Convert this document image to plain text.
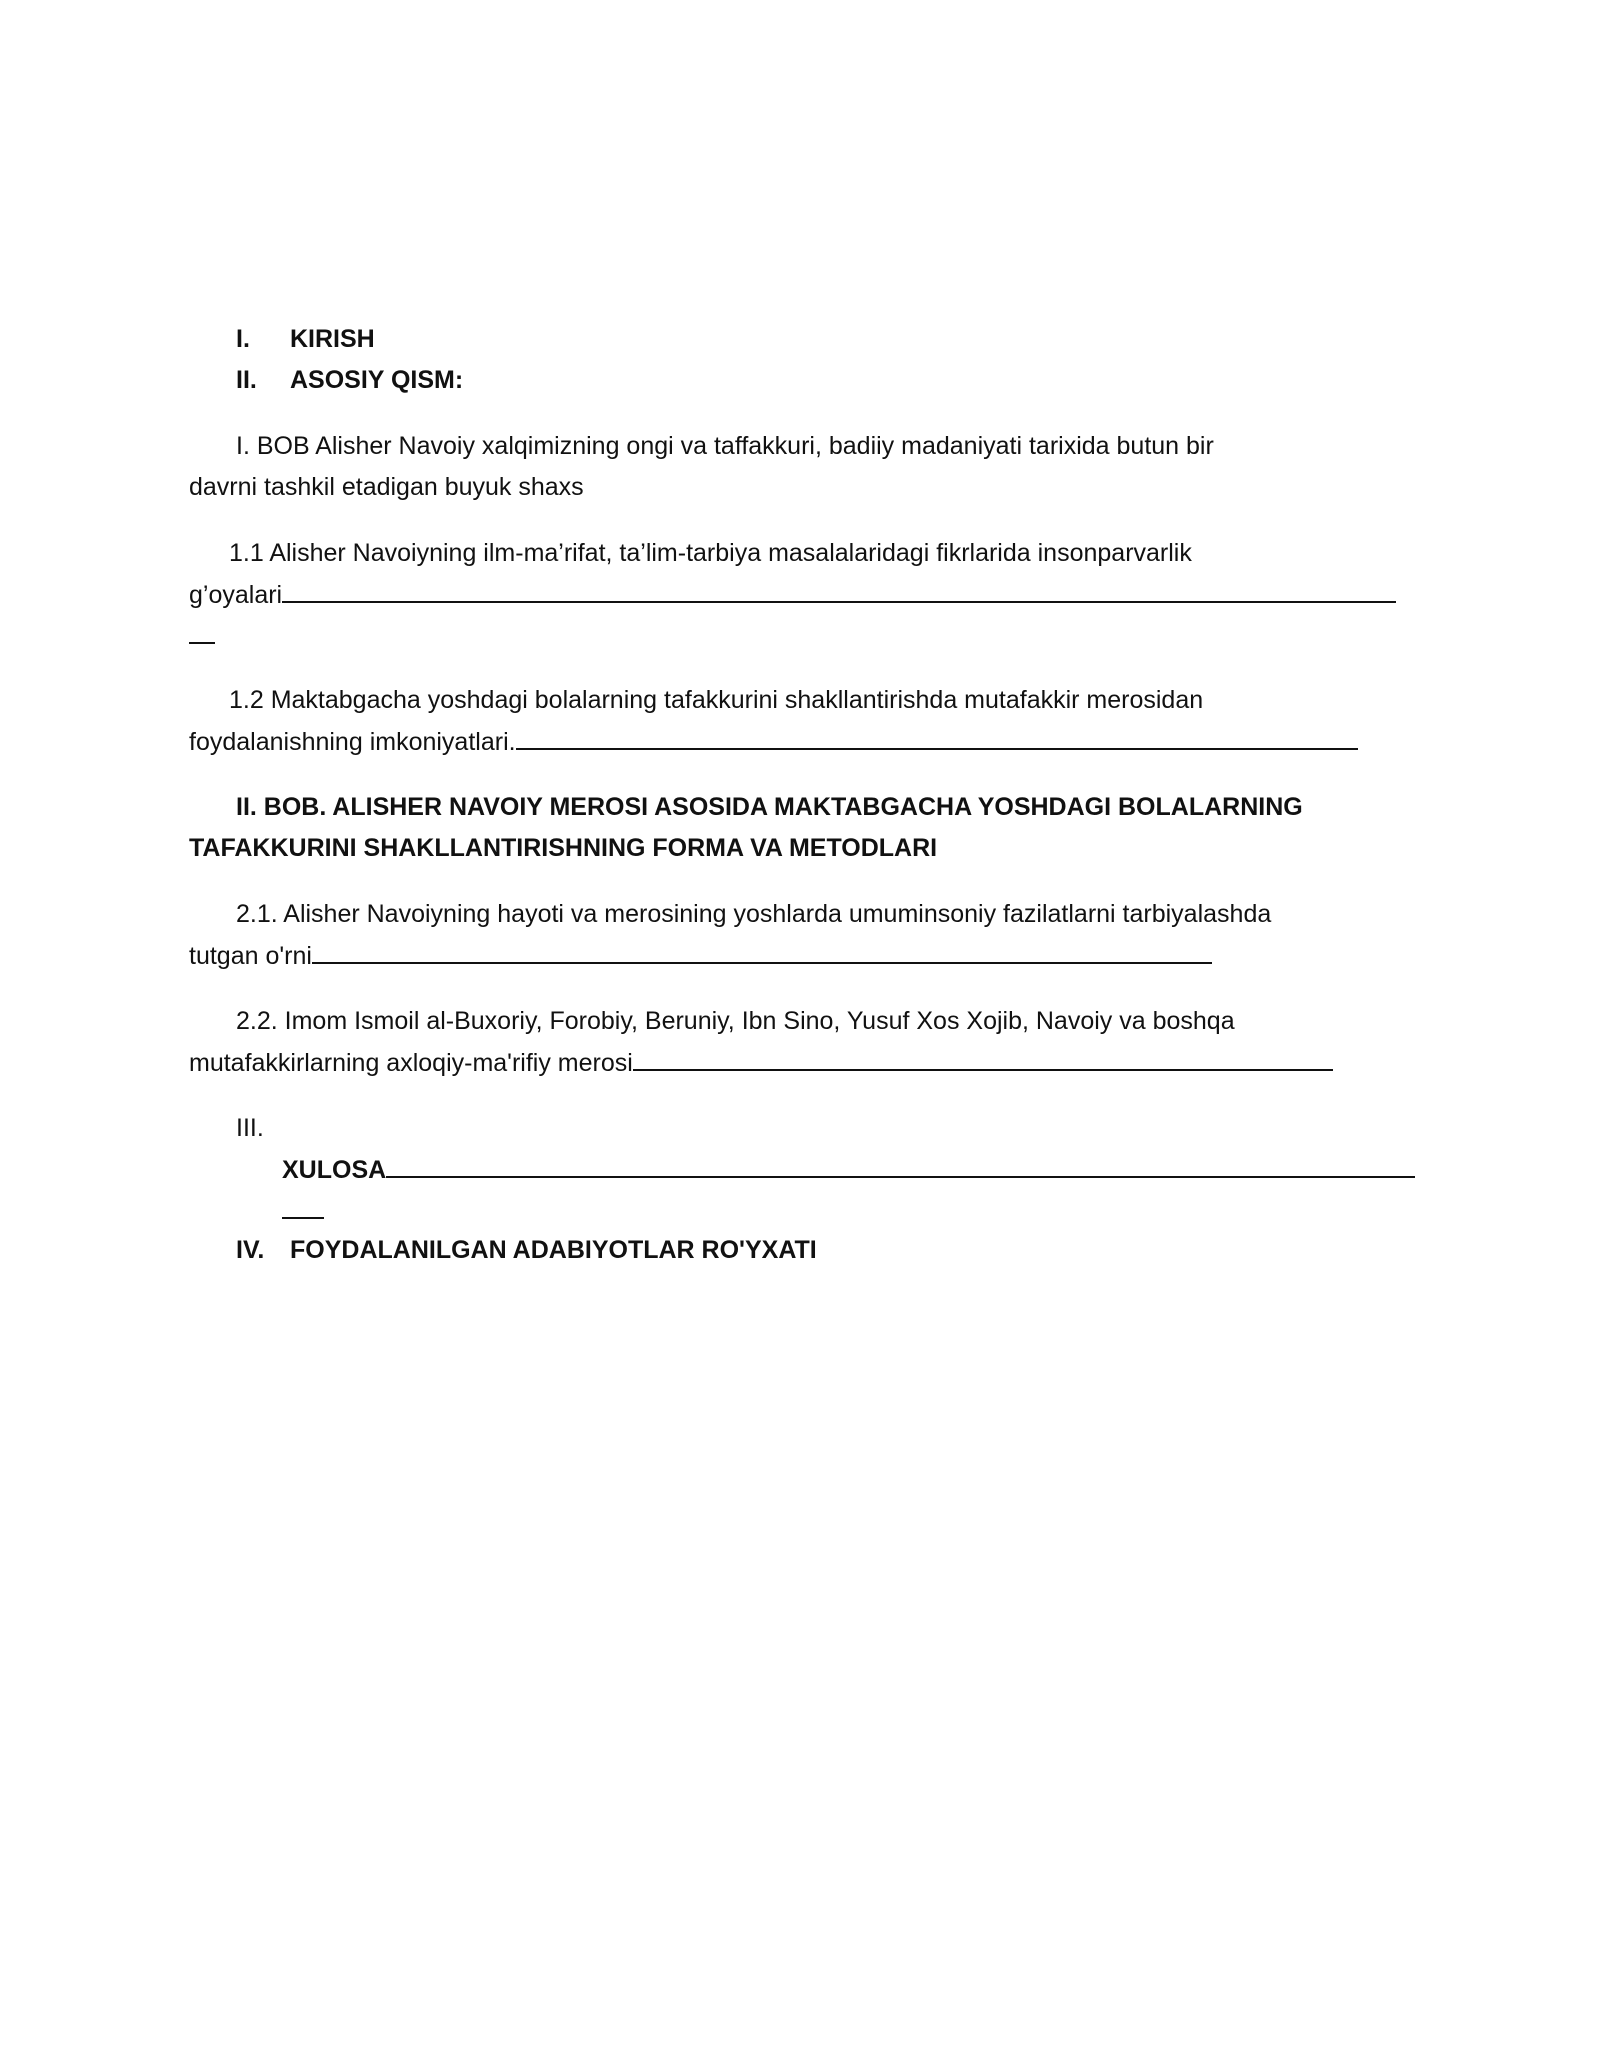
I. KIRISH
II. ASOSIY QISM:
I. BOB Alisher Navoiy xalqimizning ongi va taffakkuri, badiiy madaniyati tarixida butun bir
davrni tashkil etadigan buyuk shaxs
1.1 Alisher Navoiyning ilm-ma’rifat, ta’lim-tarbiya masalalaridagi fikrlarida insonparvarlik
g’oyalari
1.2 Maktabgacha yoshdagi bolalarning tafakkurini shakllantirishda mutafakkir merosidan
foydalanishning imkoniyatlari.
II. BOB. ALISHER NAVOIY MEROSI ASOSIDA MAKTABGACHA YOSHDAGI BOLALARNING
TAFAKKURINI SHAKLLANTIRISHNING FORMA VA METODLARI
2.1. Alisher Navoiyning hayoti va merosining yoshlarda umuminsoniy fazilatlarni tarbiyalashda
tutgan o'rni
2.2. Imom Ismoil al-Buxoriy, Forobiy, Beruniy, Ibn Sino, Yusuf Xos Xojib, Navoiy va boshqa
mutafakkirlarning axloqiy-ma'rifiy merosi
III.
XULOSA
IV. FOYDALANILGAN ADABIYOTLAR RO'YXATI
